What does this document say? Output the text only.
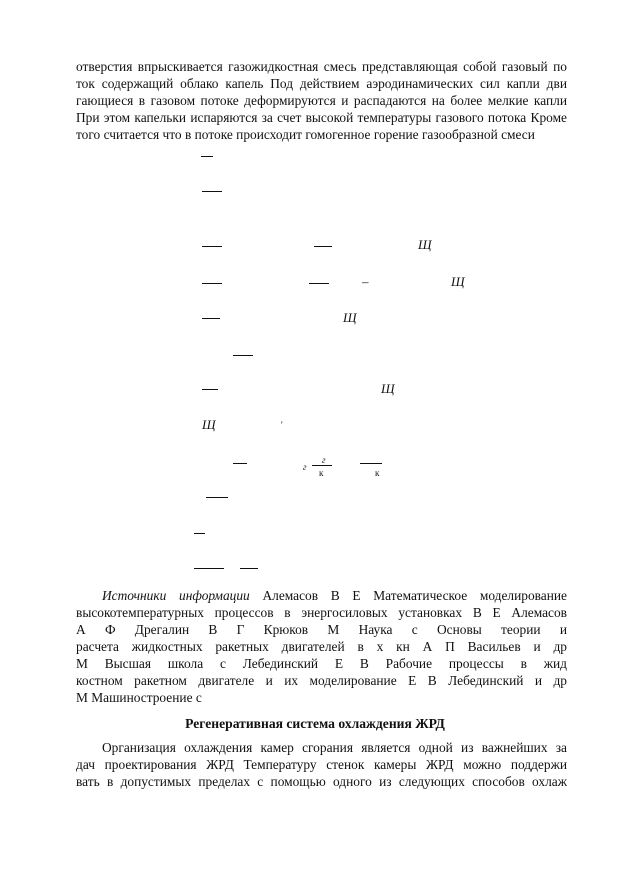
отверстия впрыскивается газожидкостная смесь представляющая собой газовый по
ток содержащий облако капель Под действием аэродинамических сил капли дви
гающиеся в газовом потоке деформируются и распадаются на более мелкие капли
При этом капельки испаряются за счет высокой температуры газового потока Кроме
того считается что в потоке происходит гомогенное горение газообразной смеси
Щ
–	Щ
Щ
Щ
Щ	'
г
г
к	к
Источники информации Алемасов В Е Математическое моделирование
высокотемпературных процессов в энергосиловых установках В Е Алемасов
А Ф Дрегалин В Г Крюков М Наука с Основы теории и
расчета жидкостных ракетных двигателей в х кн А П Васильев и др
М Высшая школа с Лебединский Е В Рабочие процессы в жид
костном ракетном двигателе и их моделирование Е В Лебединский и др
М Машиностроение с
Регенеративная система охлаждения ЖРД
Организация охлаждения камер сгорания является одной из важнейших за
дач проектирования ЖРД Температуру стенок камеры ЖРД можно поддержи
вать в допустимых пределах с помощью одного из следующих способов охлаж
